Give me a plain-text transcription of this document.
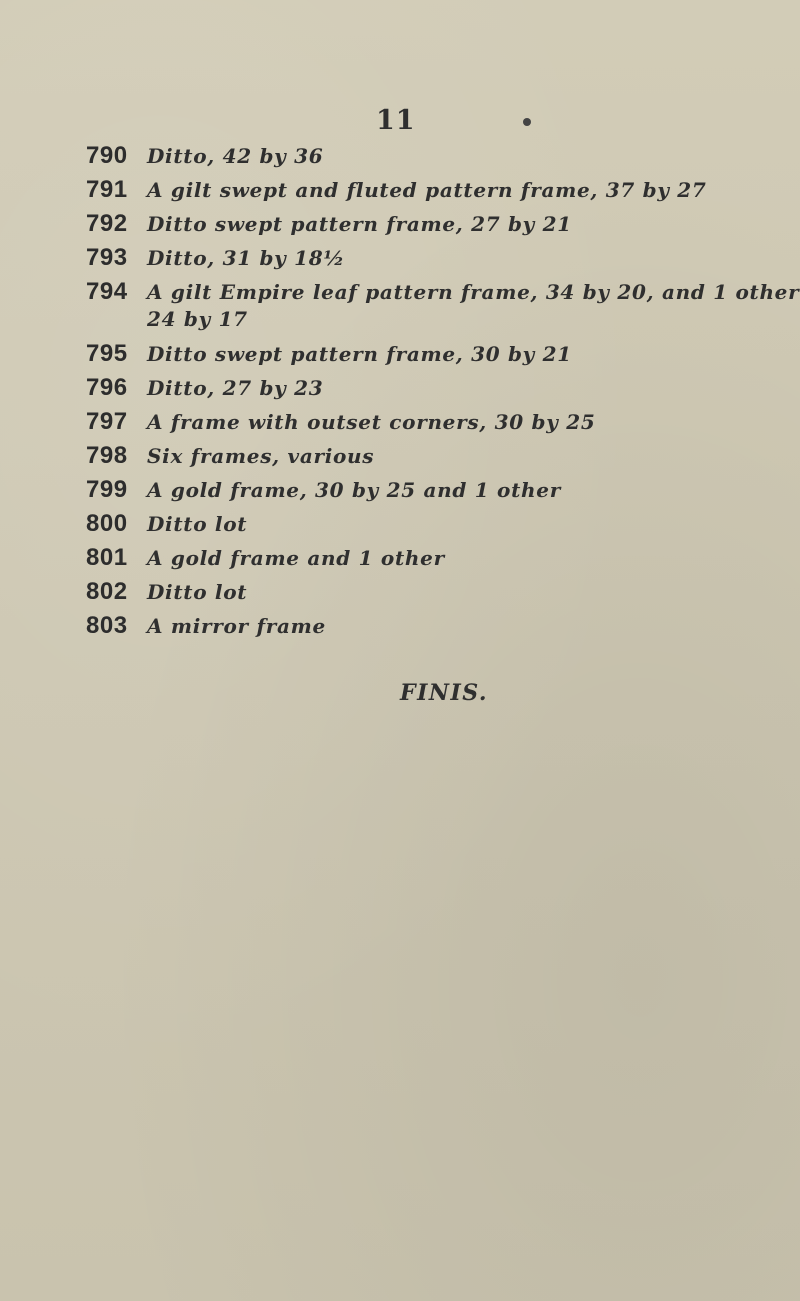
11
790 Ditto, 42 by 36
791 A gilt swept and fluted pattern frame, 37 by 27
792 Ditto swept pattern frame, 27 by 21
793 Ditto, 31 by 18½
794 A gilt Empire leaf pattern frame, 34 by 20, and 1 other
24 by 17
795 Ditto swept pattern frame, 30 by 21
796 Ditto, 27 by 23
797 A frame with outset corners, 30 by 25
798 Six frames, various
799 A gold frame, 30 by 25 and 1 other
800 Ditto lot
801 A gold frame and 1 other
802 Ditto lot
803 A mirror frame
FINIS.
